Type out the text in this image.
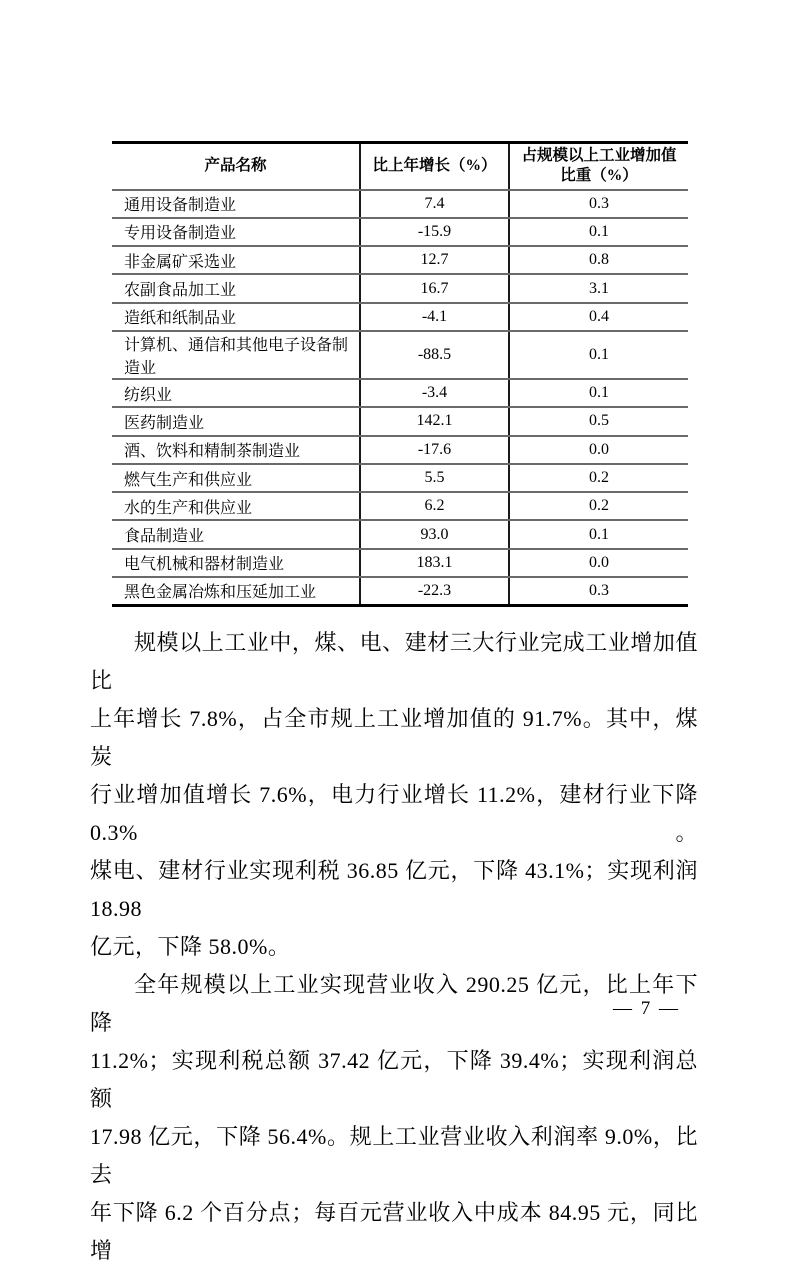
产品名称	比上年增长（%）	占规模以上工业增加值
比重（%）

通用设备制造业	7.4	0.3
专用设备制造业	-15.9	0.1
非金属矿采选业	12.7	0.8
农副食品加工业	16.7	3.1
造纸和纸制品业	-4.1	0.4
计算机、通信和其他电子设备制造业	-88.5	0.1
纺织业	-3.4	0.1
医药制造业	142.1	0.5
酒、饮料和精制茶制造业	-17.6	0.0
燃气生产和供应业	5.5	0.2
水的生产和供应业	6.2	0.2
食品制造业	93.0	0.1
电气机械和器材制造业	183.1	0.0
黑色金属冶炼和压延加工业	-22.3	0.3
规模以上工业中，煤、电、建材三大行业完成工业增加值比
上年增长 7.8%，占全市规上工业增加值的 91.7%。其中，煤炭
行业增加值增长 7.6%，电力行业增长 11.2%，建材行业下降 0.3%。
煤电、建材行业实现利税 36.85 亿元，下降 43.1%；实现利润 18.98
亿元，下降 58.0%。
全年规模以上工业实现营业收入 290.25 亿元，比上年下降
11.2%；实现利税总额 37.42 亿元，下降 39.4%；实现利润总额
17.98 亿元，下降 56.4%。规上工业营业收入利润率 9.0%，比去
年下降 6.2 个百分点；每百元营业收入中成本 84.95 元，同比增
— 7 —
